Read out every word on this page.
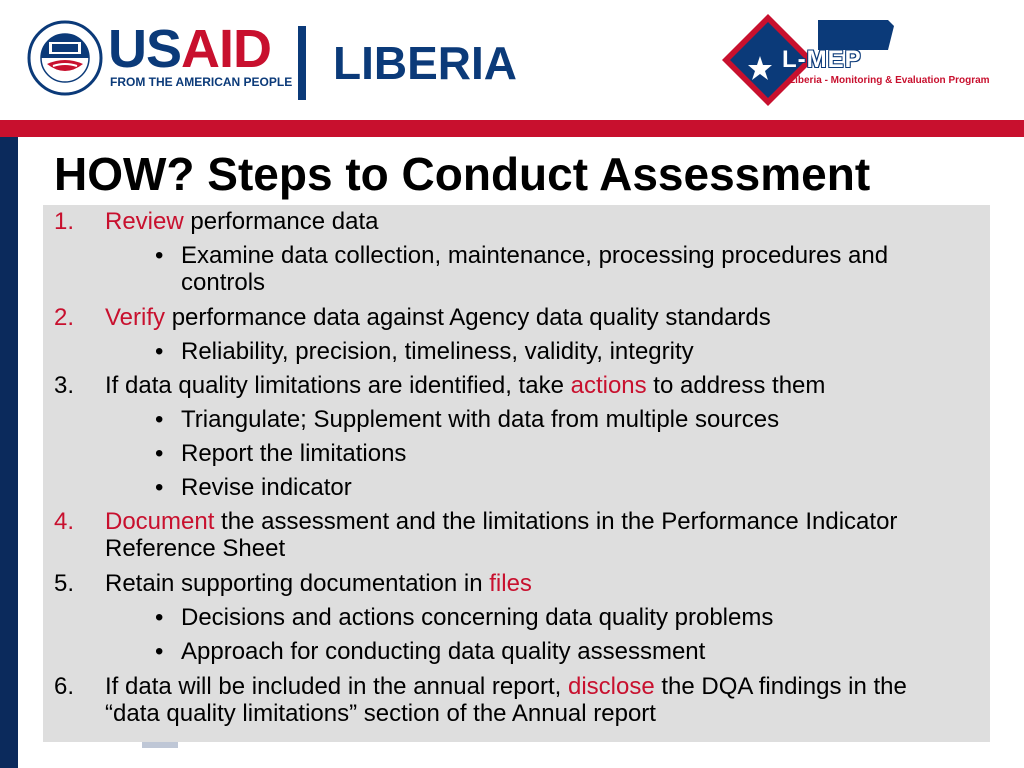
USAID
FROM THE AMERICAN PEOPLE LIBERIA	L-MEP
Liberia - Monitoring & Evaluation Program
HOW? Steps to Conduct Assessment
1. Review performance data
• Examine data collection, maintenance, processing procedures and controls
2. Verify performance data against Agency data quality standards
• Reliability, precision, timeliness, validity, integrity
3. If data quality limitations are identified, take actions to address them
• Triangulate; Supplement with data from multiple sources
• Report the limitations
• Revise indicator
4. Document the assessment and the limitations in the Performance Indicator Reference Sheet
5. Retain supporting documentation in files
• Decisions and actions concerning data quality problems
• Approach for conducting data quality assessment
6. If data will be included in the annual report, disclose the DQA findings in the “data quality limitations” section of the Annual report
